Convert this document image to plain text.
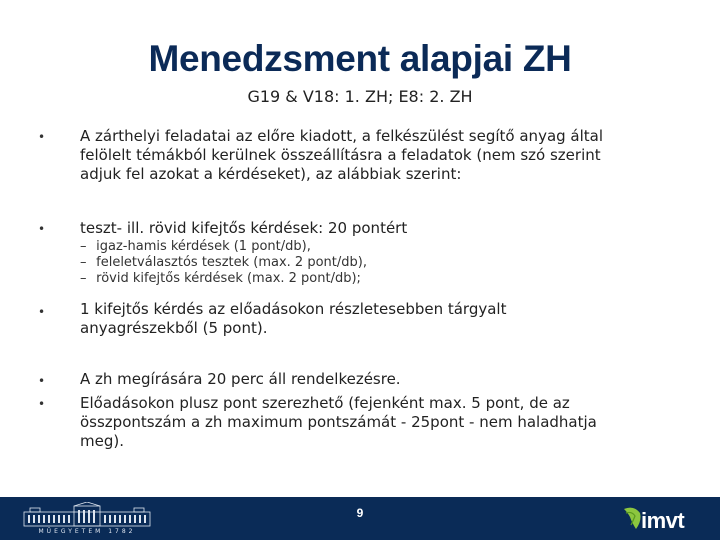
Menedzsment alapjai ZH
G19 & V18: 1. ZH; E8: 2. ZH
• A zárthelyi feladatai az előre kiadott, a felkészülést segítő anyag által
felölelt témákból kerülnek összeállításra a feladatok (nem szó szerint
adjuk fel azokat a kérdéseket), az alábbiak szerint:
• teszt- ill. rövid kifejtős kérdések: 20 pontért
– igaz-hamis kérdések (1 pont/db),
– feleletválasztós tesztek (max. 2 pont/db),
– rövid kifejtős kérdések (max. 2 pont/db);
• 1 kifejtős kérdés az előadásokon részletesebben tárgyalt
anyagrészekből (5 pont).
• A zh megírására 20 perc áll rendelkezésre.
• Előadásokon plusz pont szerezhető (fejenként max. 5 pont, de az
összpontszám a zh maximum pontszámát - 25pont - nem haladhatja
meg).
MŰEGYETEM 1782
9	imvt
